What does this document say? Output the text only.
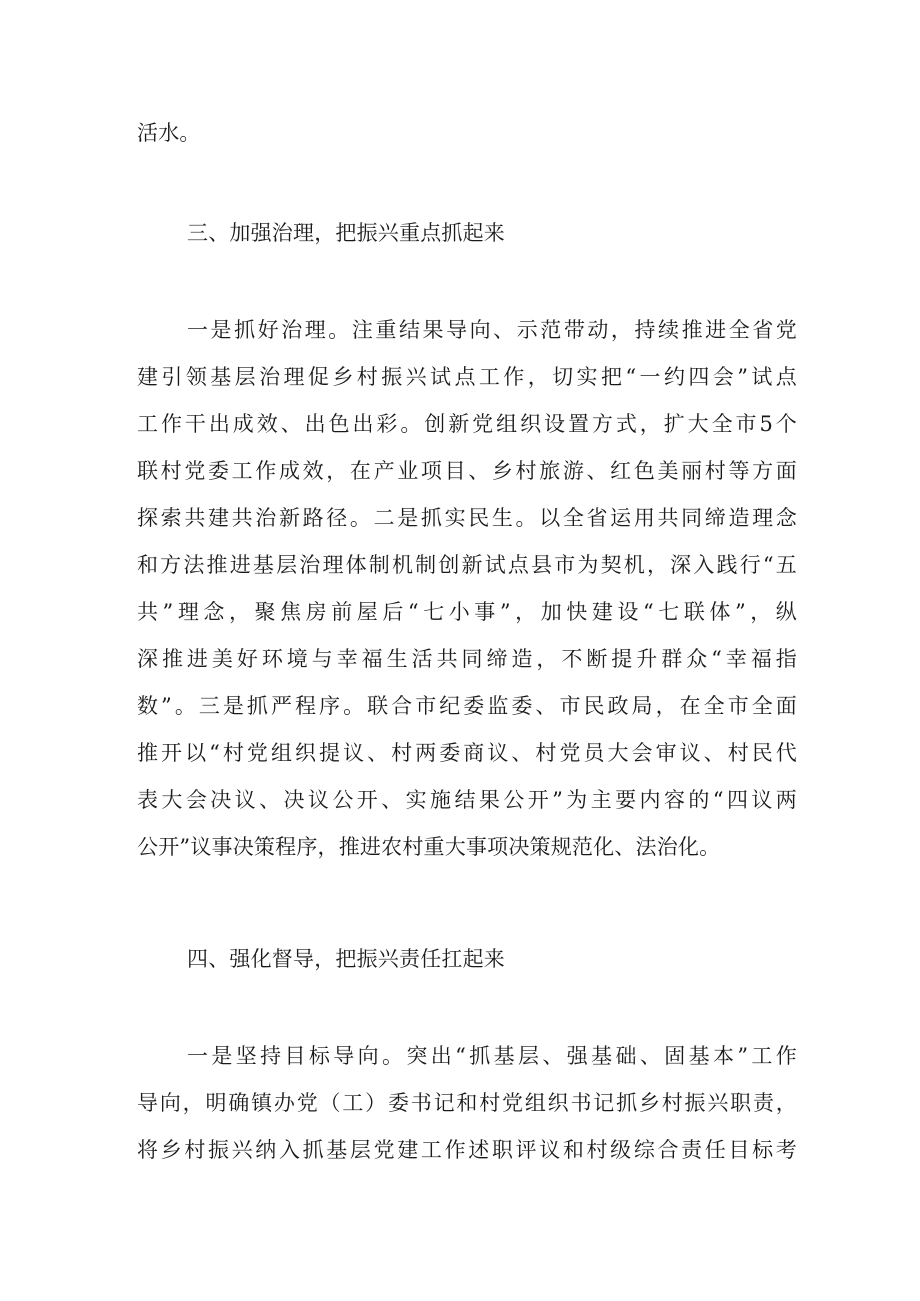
活水。
三、加强治理，把振兴重点抓起来
一是抓好治理。注重结果导向、示范带动，持续推进全省党
建引领基层治理促乡村振兴试点工作，切实把“一约四会”试点
工作干出成效、出色出彩。创新党组织设置方式，扩大全市5个
联村党委工作成效，在产业项目、乡村旅游、红色美丽村等方面
探索共建共治新路径。二是抓实民生。以全省运用共同缔造理念
和方法推进基层治理体制机制创新试点县市为契机，深入践行“五
共”理念，聚焦房前屋后“七小事”，加快建设“七联体”，纵
深推进美好环境与幸福生活共同缔造，不断提升群众“幸福指
数”。三是抓严程序。联合市纪委监委、市民政局，在全市全面
推开以“村党组织提议、村两委商议、村党员大会审议、村民代
表大会决议、决议公开、实施结果公开”为主要内容的“四议两
公开”议事决策程序，推进农村重大事项决策规范化、法治化。
四、强化督导，把振兴责任扛起来
一是坚持目标导向。突出“抓基层、强基础、固基本”工作
导向，明确镇办党（工）委书记和村党组织书记抓乡村振兴职责，
将乡村振兴纳入抓基层党建工作述职评议和村级综合责任目标考
